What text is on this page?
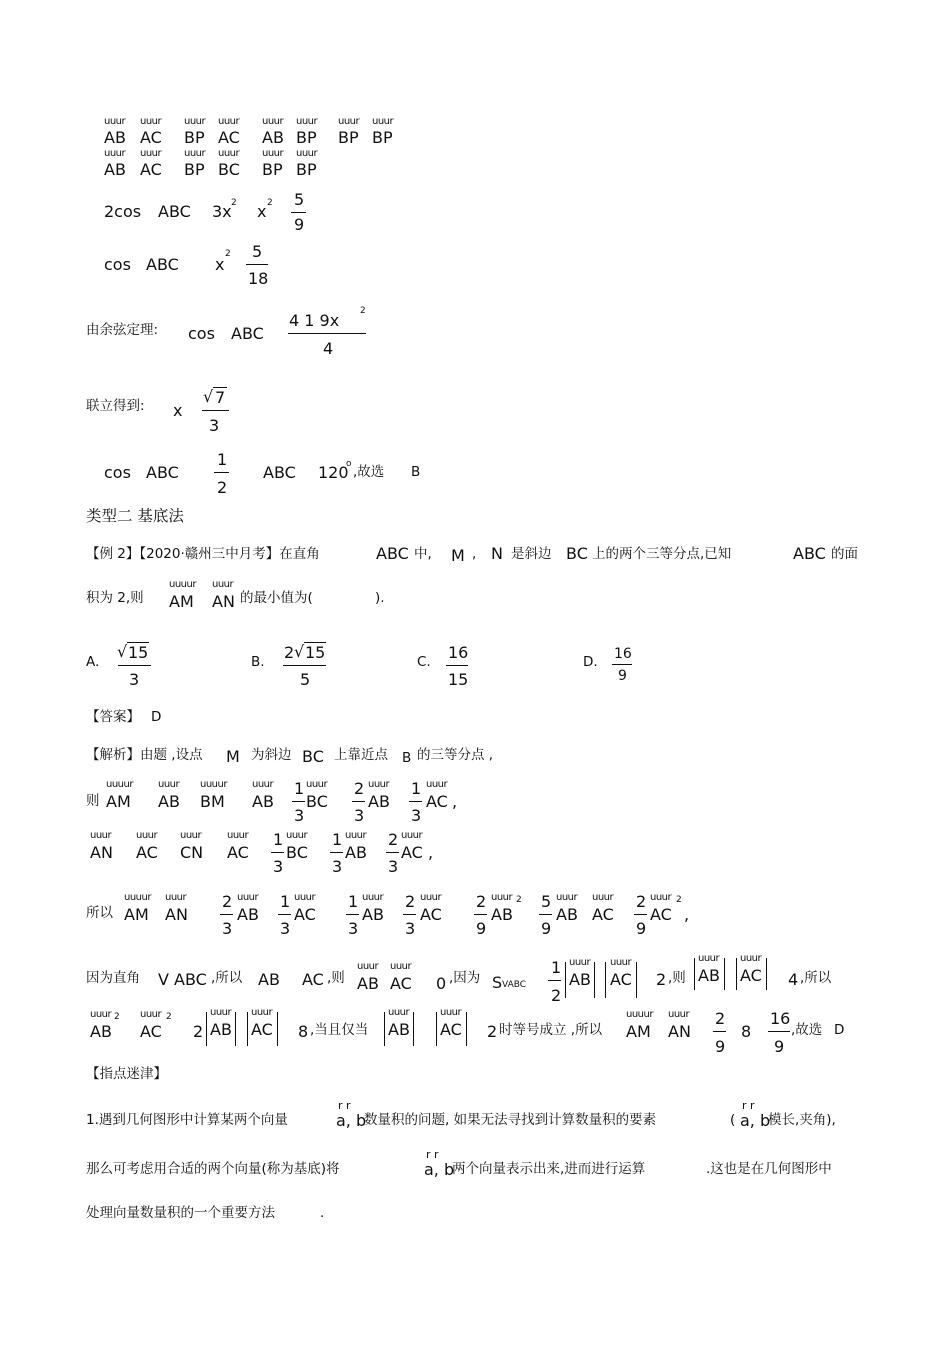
uuur uuur uuur uuur uuur uuur uuur uuur
AB AC BP AC AB BP BP BP
uuur uuur uuur uuur uuur uuur
AB AC BP BC BP BP
2cos ABC 3x 2 x 2 5
9
cos ABC x
2 5
18
由余弦定理: cos ABC
4 1 9x 2
4
联立得到: x
√ 7
3
cos ABC
1
2
ABC 120
o ,故选 B
类型二 基底法
【例 2】【2020·赣州三中月考】在直角	ABC 中, M , N 是斜边 BC 上的两个三等分点,已知	ABC 的面
积为 2,则
uuuur
AM
uuur
AN 的最小值为(	).
A.
√ 15
3
B. 2 √ 15
5
C. 16
15
D. 16
9
【答案】 D
【解析】由题 ,设点 M 为斜边 BC 上靠近点 B 的三等分点 ,
则
uuuur
AM
uuur
AB
uuuur
BM
uuur
AB
1
3
uuur
BC
2
3
uuur
AB
1
3
uuur
AC ,
uuur
AN
uuur
AC
uuur
CN
uuur
AC
1
3
uuur
BC
1
3
uuur
AB
2
3
uuur
AC ,
所以
uuuur
AM
uuur
AN
2
3
uuur
AB
1
3
uuur
AC
1
3
uuur
AB
2
3
uuur
AC
2
9
uuur
AB
2 5
9
uuur
AB
uuur
AC
2
9
uuur
AC
2
,
因为直角 V ABC ,所以 AB AC ,则
uuur
AB
uuur
AC 0 ,因为 S VABC
1
2
uuur
AB
uuur
AC 2 ,则
uuur
AB
uuur
AC 4 ,所以
uuur
AB
2 uuur
AC
2
2
uuur
AB
uuur
AC 8 ,当且仅当
uuur
AB
uuur
AC 2 时等号成立 ,所以
uuuur
AM
uuur
AN
2
9
8
16
9
,故选 D
【指点迷津】
r r
1.遇到几何图形中计算某两个向量	a, b
数量积的问题, 如果无法寻找到计算数量积的要素	(
r r
a, b
模长,夹角),
r r
那么可考虑用合适的两个向量(称为基底)将	a, b
两个向量表示出来,进而进行运算	.这也是在几何图形中
处理向量数量积的一个重要方法	.
